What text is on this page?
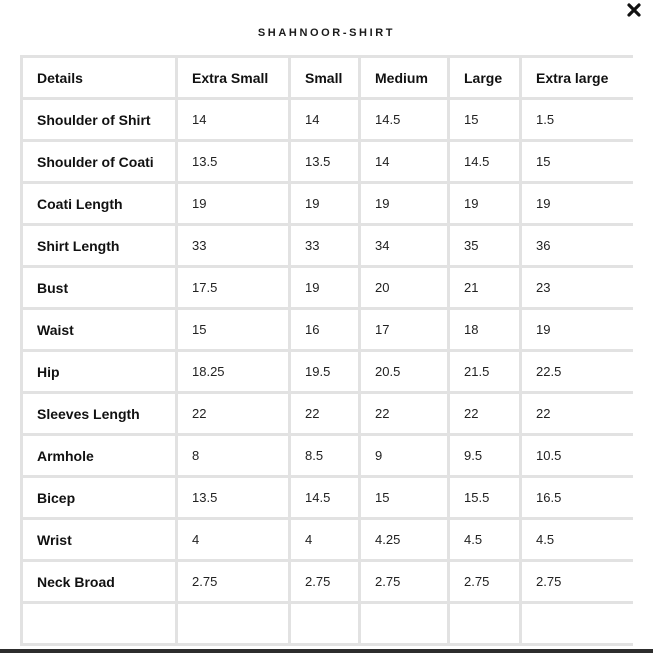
SHAHNOOR-SHIRT
Details	Extra Small	Small	Medium	Large	Extra large
Shoulder of Shirt	14	14	14.5	15	1.5
Shoulder of Coati	13.5	13.5	14	14.5	15
Coati Length	19	19	19	19	19
Shirt Length	33	33	34	35	36
Bust	17.5	19	20	21	23
Waist	15	16	17	18	19
Hip	18.25	19.5	20.5	21.5	22.5
Sleeves Length	22	22	22	22	22
Armhole	8	8.5	9	9.5	10.5
Bicep	13.5	14.5	15	15.5	16.5
Wrist	4	4	4.25	4.5	4.5
Neck Broad	2.75	2.75	2.75	2.75	2.75
